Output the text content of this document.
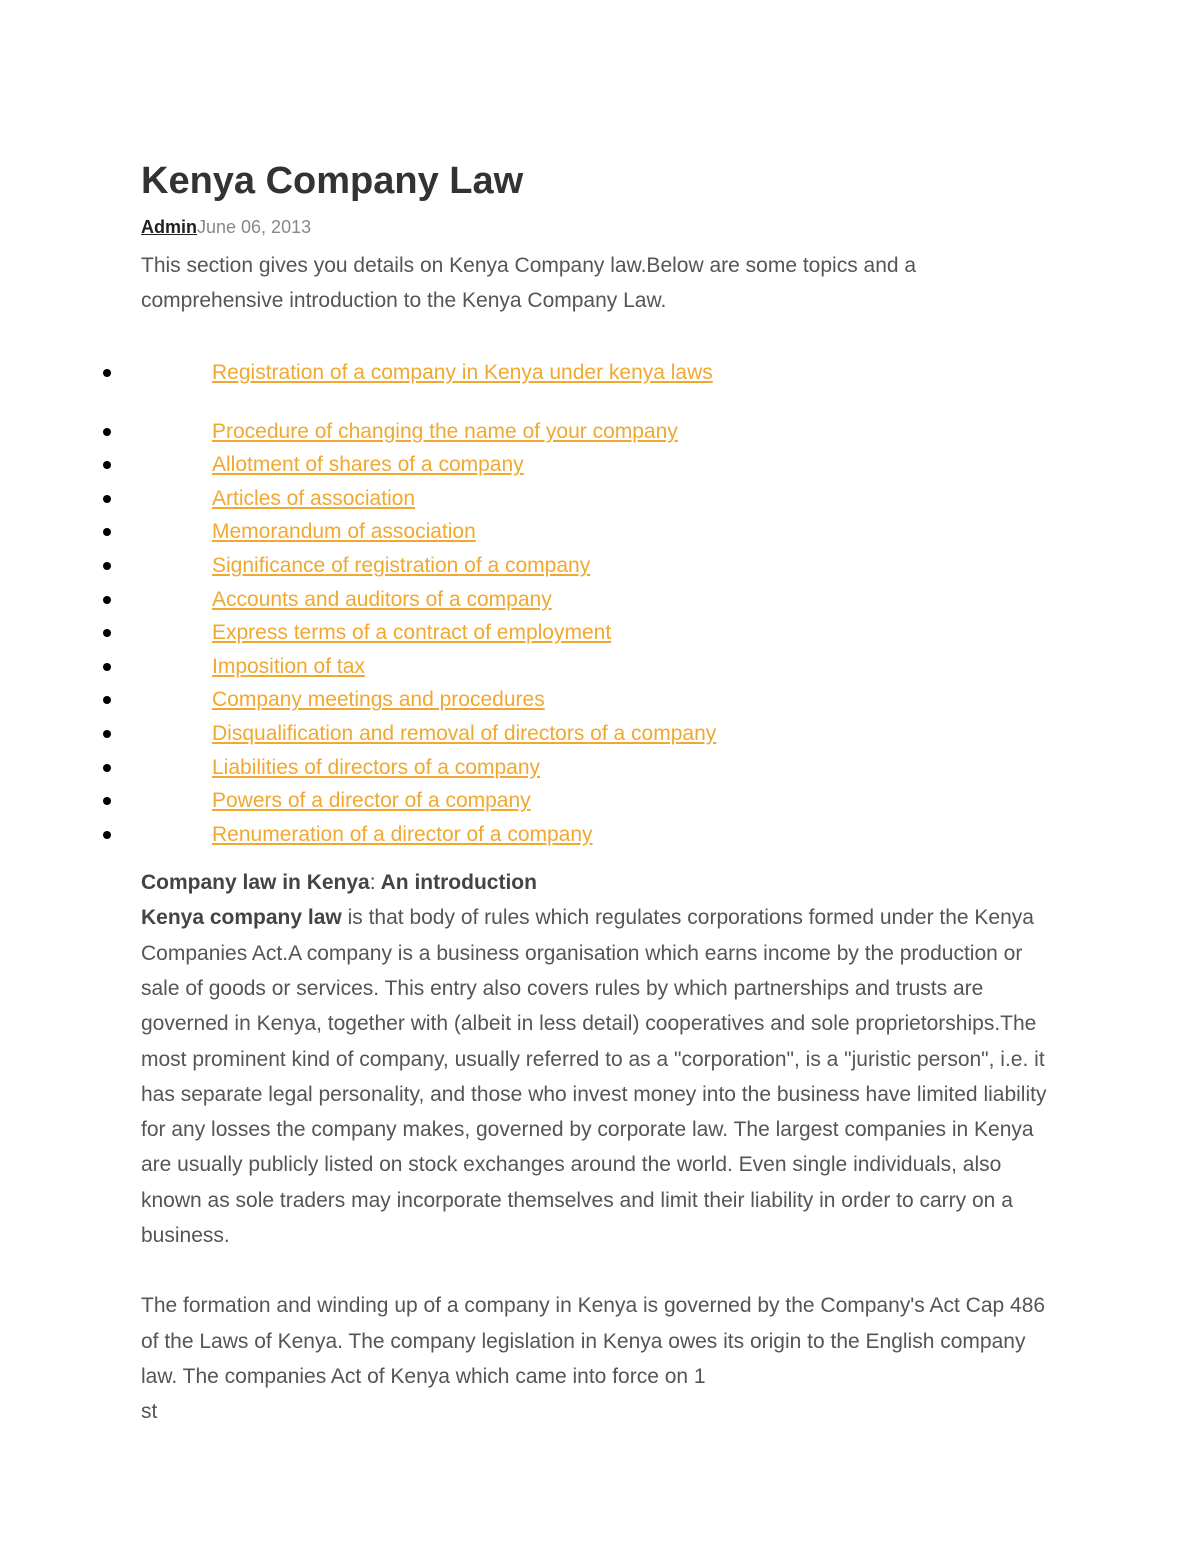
Kenya Company Law
AdminJune 06, 2013
This section gives you details on Kenya Company law.Below are some topics and a comprehensive introduction to the Kenya Company Law.
Registration of a company in Kenya under kenya laws
Procedure of changing the name of your company
Allotment of shares of a company
Articles of association
Memorandum of association
Significance of registration of a company
Accounts and auditors of a company
Express terms of a contract of employment
Imposition of tax
Company meetings and procedures
Disqualification and removal of directors of a company
Liabilities of directors of a company
Powers of a director of a company
Renumeration of a director of a company
Company law in Kenya: An introduction

Kenya company law is that body of rules which regulates corporations formed under the Kenya Companies Act.A company is a business organisation which earns income by the production or sale of goods or services. This entry also covers rules by which partnerships and trusts are governed in Kenya, together with (albeit in less detail) cooperatives and sole proprietorships.The most prominent kind of company, usually referred to as a "corporation", is a "juristic person", i.e. it has separate legal personality, and those who invest money into the business have limited liability for any losses the company makes, governed by corporate law. The largest companies in Kenya are usually publicly listed on stock exchanges around the world. Even single individuals, also known as sole traders may incorporate themselves and limit their liability in order to carry on a business.

The formation and winding up of a company in Kenya is governed by the Company's Act Cap 486 of the Laws of Kenya. The company legislation in Kenya owes its origin to the English company law. The companies Act of Kenya which came into force on 1
st
